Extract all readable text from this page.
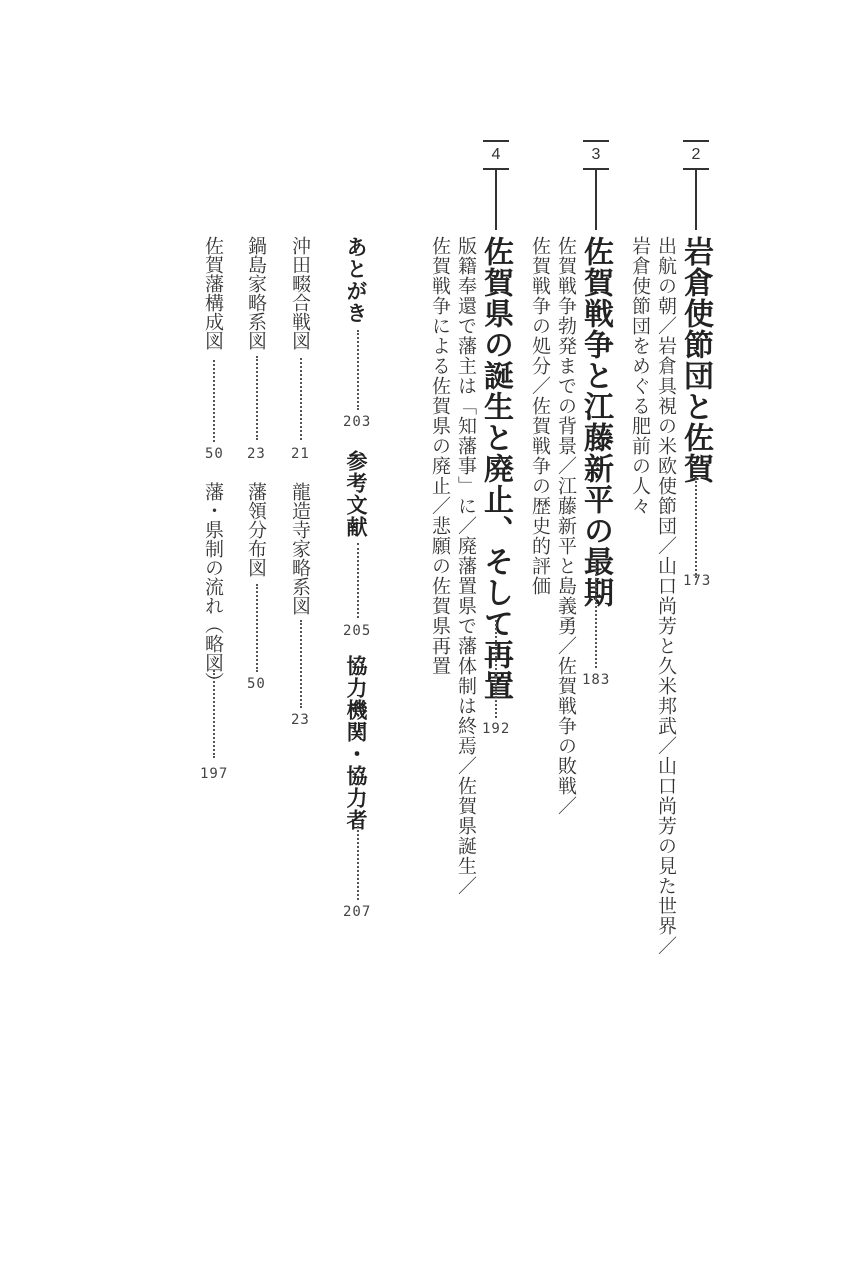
2
岩倉使節団と佐賀
173
出航の朝／岩倉具視の米欧使節団／山口尚芳と久米邦武／山口尚芳の見た世界／
岩倉使節団をめぐる肥前の人々
3
佐賀戦争と江藤新平の最期
183
佐賀戦争勃発までの背景／江藤新平と島義勇／佐賀戦争の敗戦／
佐賀戦争の処分／佐賀戦争の歴史的評価
4
佐賀県の誕生と廃止、そして再置
192
版籍奉還で藩主は「知藩事」に／廃藩置県で藩体制は終焉／佐賀県誕生／
佐賀戦争による佐賀県の廃止／悲願の佐賀県再置
あとがき
203
参考文献
205
協力機関・協力者
207
沖田畷合戦図
21
龍造寺家略系図
23
鍋島家略系図
23
藩領分布図
50
佐賀藩構成図
50
藩・県制の流れ（略図）
197
